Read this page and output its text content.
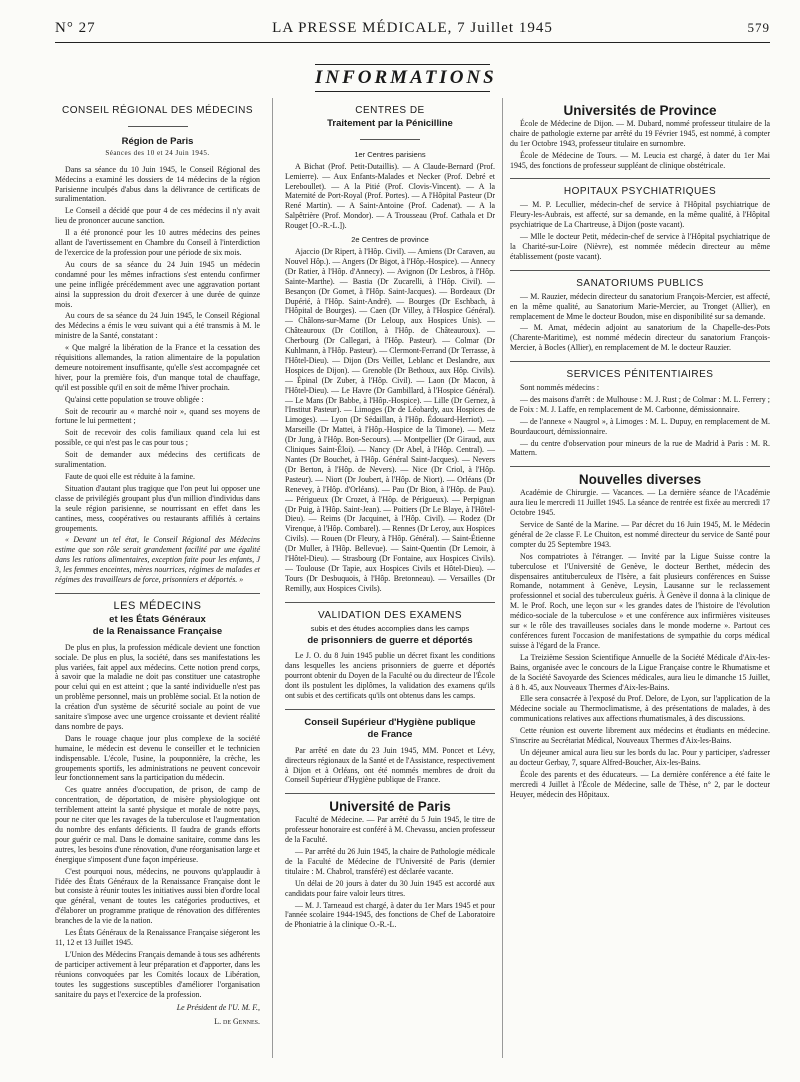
N° 27	LA PRESSE MÉDICALE, 7 Juillet 1945	579
INFORMATIONS
CONSEIL RÉGIONAL DES MÉDECINS
Région de Paris
Séances des 10 et 24 Juin 1945.

Dans sa séance du 10 Juin 1945, le Conseil Régional des Médecins a examiné les dossiers de 14 médecins de la région Parisienne inculpés d'abus dans la délivrance de certificats de suralimentation.

Le Conseil a décidé que pour 4 de ces médecins il n'y avait lieu de prononcer aucune sanction.

Il a été prononcé pour les 10 autres médecins des peines allant de l'avertissement en Chambre du Conseil à l'interdiction de l'exercice de la profession pour une période de six mois.

Au cours de sa séance du 24 Juin 1945 un médecin condamné pour les mêmes infractions s'est entendu confirmer une peine infligée précédemment avec une aggravation portant ainsi la suppression du droit d'exercer à une durée de quinze mois.

Au cours de sa séance du 24 Juin 1945, le Conseil Régional des Médecins a émis le vœu suivant qui a été transmis à M. le ministre de la Santé, constatant :

« Que malgré la libération de la France et la cessation des réquisitions allemandes, la ration alimentaire de la population demeure notoirement insuffisante, qu'elle s'est accompagnée cet hiver, pour la première fois, d'un manque total de chauffage, qu'il est possible qu'il en soit de même l'hiver prochain.

Qu'ainsi cette population se trouve obligée :

Soit de recourir au « marché noir », quand ses moyens de fortune le lui permettent ;

Soit de recevoir des colis familiaux quand cela lui est possible, ce qui n'est pas le cas pour tous ;

Soit de demander aux médecins des certificats de suralimentation.

Faute de quoi elle est réduite à la famine.

Situation d'autant plus tragique que l'on peut lui opposer une classe de privilégiés groupant plus d'un million d'individus dans la seule région parisienne, se nourrissant en effet dans les cantines, mess, coopératives ou restaurants affiliés à certains groupements.

« Devant un tel état, le Conseil Régional des Médecins estime que son rôle serait grandement facilité par une égalité dans les rations alimentaires, exception faite pour les enfants, J 3, les femmes enceintes, mères nourrices, régimes de malades et régimes des travailleurs de force, prisonniers et déportés. »

LES MÉDECINS
et les États Généraux
de la Renaissance Française

De plus en plus, la profession médicale devient une fonction sociale. De plus en plus, la société, dans ses manifestations les plus variées, fait appel aux médecins. Cette notion prend corps, à savoir que la maladie ne doit pas constituer une catastrophe pour celui qui en est atteint ; que la santé individuelle n'est pas un problème personnel, mais un problème social. Et la notion de la création d'un système de sécurité sociale au point de vue sanitaire s'impose avec une urgence croissante et devient réalité dans nombre de pays.

Dans le rouage chaque jour plus complexe de la société humaine, le médecin est devenu le conseiller et le technicien indispensable. L'école, l'usine, la pouponnière, la crèche, les groupements sportifs, les administrations ne peuvent concevoir leur fonctionnement sans la participation du médecin.

Ces quatre années d'occupation, de prison, de camp de concentration, de déportation, de misère physiologique ont terriblement atteint la santé physique et morale de notre pays, pour ne citer que les ravages de la tuberculose et l'augmentation du nombre des enfants déficients. Il faudra de grands efforts pour guérir ce mal. Dans le domaine sanitaire, comme dans les autres, les besoins d'une rénovation, d'une réorganisation large et énergique s'imposent d'une façon impérieuse.

C'est pourquoi nous, médecins, ne pouvons qu'applaudir à l'idée des États Généraux de la Renaissance Française dont le but consiste à réunir toutes les initiatives aussi bien d'ordre local que général, venant de toutes les catégories productives, et d'élaborer un programme pratique de rénovation des différentes branches de la vie de la nation.

Les États Généraux de la Renaissance Française siégeront les 11, 12 et 13 Juillet 1945.

L'Union des Médecins Français demande à tous ses adhérents de participer activement à leur préparation et d'apporter, dans les réunions convoquées par les Comités locaux de Libération, toutes les suggestions susceptibles d'améliorer l'organisation sanitaire du pays et l'exercice de la profession.

Le Président de l'U. M. F.,
L. de Gennes.
CENTRES DE
Traitement par la Pénicilline
1er Centres parisiens

A Bichat (Prof. Petit-Dutaillis). — A Claude-Bernard (Prof. Lemierre). — Aux Enfants-Malades et Necker (Prof. Debré et Lereboullet). — A la Pitié (Prof. Clovis-Vincent). — A la Maternité de Port-Royal (Prof. Portes). — A l'Hôpital Pasteur (Dr René Martin). — A Saint-Antoine (Prof. Cadenat). — A la Salpêtrière (Prof. Mondor). — A Trousseau (Prof. Cathala et Dr Rouget [O.-R.-L.]).

2e Centres de province

Ajaccio (Dr Ripert, à l'Hôp. Civil). — Amiens (Dr Caraven, au Nouvel Hôp.). — Angers (Dr Bigot, à l'Hôp.-Hospice). — Annecy (Dr Ratier, à l'Hôp. d'Annecy). — Avignon (Dr Lesbros, à l'Hôp. Sainte-Marthe). — Bastia (Dr Zucarelli, à l'Hôp. Civil). — Besançon (Dr Gomet, à l'Hôp. Saint-Jacques). — Bordeaux (Dr Dupérié, à l'Hôp. Saint-André). — Bourges (Dr Eschbach, à l'Hôpital de Bourges). — Caen (Dr Villey, à l'Hospice Général). — Châlons-sur-Marne (Dr Leloup, aux Hospices Unis). — Châteauroux (Dr Cotillon, à l'Hôp. de Châteauroux). — Cherbourg (Dr Callegari, à l'Hôp. Pasteur). — Colmar (Dr Kuhlmann, à l'Hôp. Pasteur). — Clermont-Ferrand (Dr Terrasse, à l'Hôtel-Dieu). — Dijon (Drs Veillet, Leblanc et Deslandre, aux Hospices de Dijon). — Grenoble (Dr Bethoux, aux Hôp. Civils). — Épinal (Dr Zuber, à l'Hôp. Civil). — Laon (Dr Macon, à l'Hôtel-Dieu). — Le Havre (Dr Gambillard, à l'Hospice Général). — Le Mans (Dr Babbe, à l'Hôp.-Hospice). — Lille (Dr Gernez, à l'Institut Pasteur). — Limoges (Dr de Léobardy, aux Hospices de Limoges). — Lyon (Dr Sédaillan, à l'Hôp. Édouard-Herriot). — Marseille (Dr Mattei, à l'Hôp.-Hospice de la Timone). — Metz (Dr Jung, à l'Hôp. Bon-Secours). — Montpellier (Dr Giraud, aux Cliniques Saint-Éloi). — Nancy (Dr Abel, à l'Hôp. Central). — Nantes (Dr Bouchet, à l'Hôp. Général Saint-Jacques). — Nevers (Dr Berton, à l'Hôp. de Nevers). — Nice (Dr Criol, à l'Hôp. Pasteur). — Niort (Dr Joubert, à l'Hôp. de Niort). — Orléans (Dr Renevey, à l'Hôp. d'Orléans). — Pau (Dr Bion, à l'Hôp. de Pau). — Périgueux (Dr Crozet, à l'Hôp. de Périgueux). — Perpignan (Dr Puig, à l'Hôp. Saint-Jean). — Poitiers (Dr Le Blaye, à l'Hôtel-Dieu). — Reims (Dr Jacquinet, à l'Hôp. Civil). — Rodez (Dr Virenque, à l'Hôp. Combarel). — Rennes (Dr Leroy, aux Hospices Civils). — Rouen (Dr Fleury, à l'Hôp. Général). — Saint-Étienne (Dr Muller, à l'Hôp. Bellevue). — Saint-Quentin (Dr Lemoir, à l'Hôtel-Dieu). — Strasbourg (Dr Fontaine, aux Hospices Civils). — Toulouse (Dr Tapie, aux Hospices Civils et Hôtel-Dieu). — Tours (Dr Desbuquois, à l'Hôp. Bretonneau). — Versailles (Dr Remilly, aux Hospices Civils).

VALIDATION DES EXAMENS
subis et des études accomplies dans les camps
de prisonniers de guerre et déportés

Le J. O. du 8 Juin 1945 publie un décret fixant les conditions dans lesquelles les anciens prisonniers de guerre et déportés pourront obtenir du Doyen de la Faculté ou du directeur de l'École dont ils postulent les diplômes, la validation des examens qu'ils ont subis et des certificats qu'ils ont obtenus dans les camps.

Conseil Supérieur d'Hygiène publique
de France

Par arrêté en date du 23 Juin 1945, MM. Poncet et Lévy, directeurs régionaux de la Santé et de l'Assistance, respectivement à Dijon et à Orléans, ont été nommés membres de droit du Conseil Supérieur d'Hygiène publique de France.

Université de Paris

Faculté de Médecine. — Par arrêté du 5 Juin 1945, le titre de professeur honoraire est conféré à M. Chevassu, ancien professeur de la Faculté.

— Par arrêté du 26 Juin 1945, la chaire de Pathologie médicale de la Faculté de Médecine de l'Université de Paris (dernier titulaire : M. Chabrol, transféré) est déclarée vacante.

Un délai de 20 jours à dater du 30 Juin 1945 est accordé aux candidats pour faire valoir leurs titres.

— M. J. Tarneaud est chargé, à dater du 1er Mars 1945 et pour l'année scolaire 1944-1945, des fonctions de Chef de Laboratoire de Phoniatrie à la clinique O.-R.-L.

Universités de Province

École de Médecine de Dijon. — M. Dubard, nommé professeur titulaire de la chaire de pathologie externe par arrêté du 19 Février 1945, est nommé, à compter du 1er Octobre 1943, professeur titulaire en surnombre.

École de Médecine de Tours. — M. Leucia est chargé, à dater du 1er Mai 1945, des fonctions de professeur suppléant de clinique obstétricale.

HOPITAUX PSYCHIATRIQUES

— M. P. Lecullier, médecin-chef de service à l'Hôpital psychiatrique de Fleury-les-Aubrais, est affecté, sur sa demande, en la même qualité, à l'Hôpital psychiatrique de La Chartreuse, à Dijon (poste vacant).

— Mlle le docteur Petit, médecin-chef de service à l'Hôpital psychiatrique de la Charité-sur-Loire (Nièvre), est nommée médecin directeur au même établissement (poste vacant).

SANATORIUMS PUBLICS

— M. Rauzier, médecin directeur du sanatorium François-Mercier, est affecté, en la même qualité, au Sanatorium Marie-Mercier, au Tronget (Allier), en remplacement de Mme le docteur Boudon, mise en disponibilité sur sa demande.

— M. Amat, médecin adjoint au sanatorium de la Chapelle-des-Pots (Charente-Maritime), est nommé médecin directeur du sanatorium François-Mercier, à Bocles (Allier), en remplacement de M. le docteur Rauzier.

SERVICES PÉNITENTIAIRES

Sont nommés médecins :

— des maisons d'arrêt : de Mulhouse : M. J. Rust ; de Colmar : M. L. Ferrery ; de Foix : M. J. Laffe, en remplacement de M. Carbonne, démissionnaire.

— de l'annexe « Naugrol », à Limoges : M. L. Dupuy, en remplacement de M. Bourdaucourt, démissionnaire.

— du centre d'observation pour mineurs de la rue de Madrid à Paris : M. R. Mattern.

Nouvelles diverses

Académie de Chirurgie. — Vacances. — La dernière séance de l'Académie aura lieu le mercredi 11 Juillet 1945. La séance de rentrée est fixée au mercredi 17 Octobre 1945.

Service de Santé de la Marine. — Par décret du 16 Juin 1945, M. le Médecin général de 2e classe F. Le Chuiton, est nommé directeur du service de Santé pour compter du 25 Septembre 1943.

Nos compatriotes à l'étranger. — Invité par la Ligue Suisse contre la tuberculose et l'Université de Genève, le docteur Berthet, médecin des dispensaires antituberculeux de l'Isère, a fait plusieurs conférences en Suisse Romande, notamment à Genève, Leysin, Lausanne sur le reclassement professionnel et social des tuberculeux guéris. À Genève il donna à la clinique de M. le Prof. Roch, une leçon sur « les grandes dates de l'histoire de l'évolution médico-sociale de la tuberculose » et une conférence aux infirmières visiteuses sur « le rôle des travailleuses sociales dans le monde moderne ». Partout ces conférences furent l'occasion de manifestations de sympathie du corps médical suisse à l'égard de la France.

La Treizième Session Scientifique Annuelle de la Société Médicale d'Aix-les-Bains, organisée avec le concours de la Ligue Française contre le Rhumatisme et de la Société Savoyarde des Sciences médicales, aura lieu le dimanche 15 Juillet, à 8 h. 45, aux Nouveaux Thermes d'Aix-les-Bains.

Elle sera consacrée à l'exposé du Prof. Delore, de Lyon, sur l'application de la Médecine sociale au Thermoclimatisme, à des présentations de malades, à des communications relatives aux affections rhumatismales, à des discussions.

Cette réunion est ouverte librement aux médecins et étudiants en médecine. S'inscrire au Secrétariat Médical, Nouveaux Thermes d'Aix-les-Bains.

Un déjeuner amical aura lieu sur les bords du lac. Pour y participer, s'adresser au docteur Gerbay, 7, square Alfred-Boucher, Aix-les-Bains.

École des parents et des éducateurs. — La dernière conférence a été faite le mercredi 4 Juillet à l'École de Médecine, salle de Thèse, n° 2, par le docteur Heuyer, médecin des Hôpitaux.
